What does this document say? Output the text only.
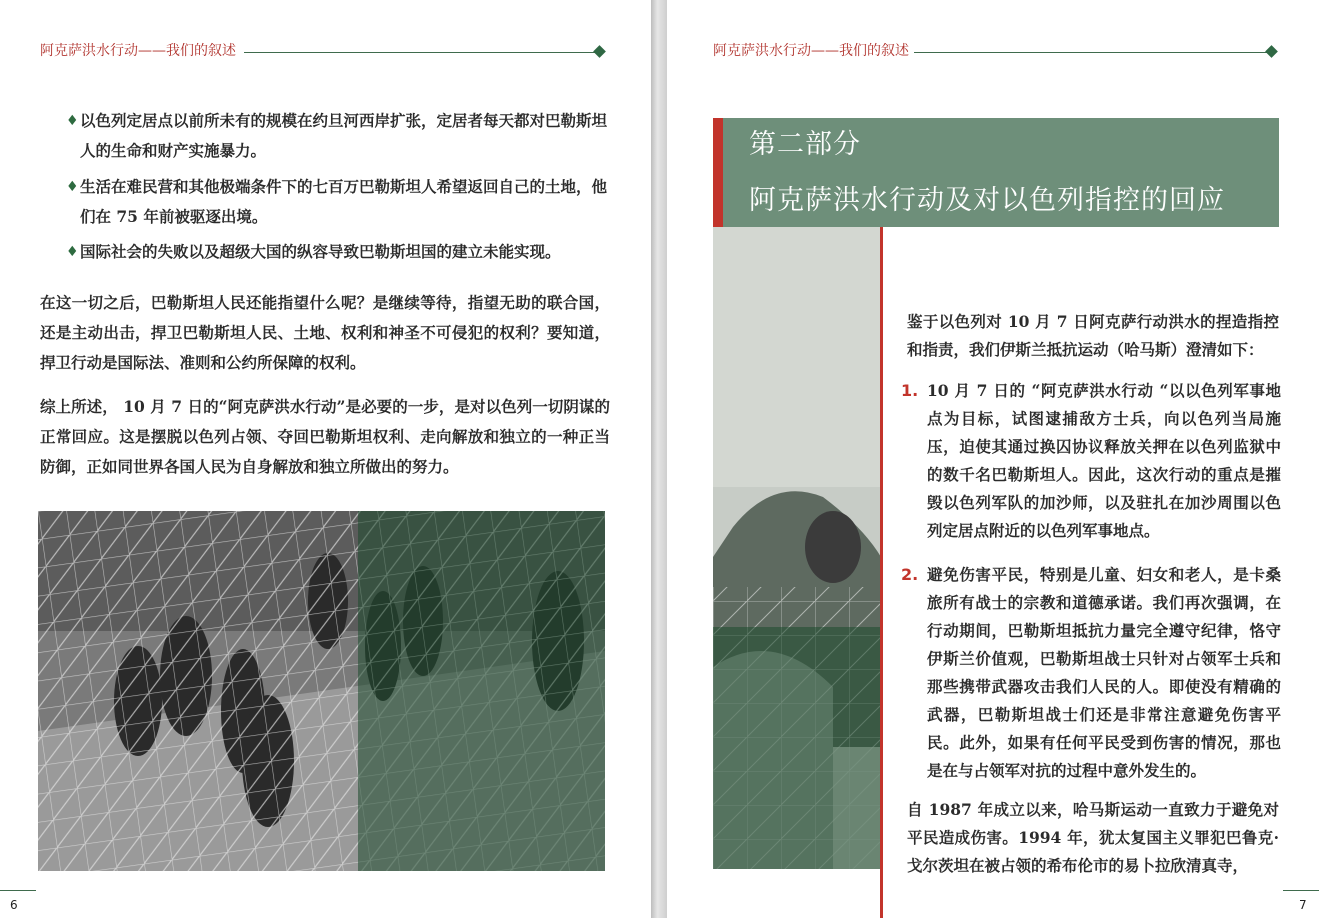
阿克萨洪水行动——我们的叙述
♦ 以色列定居点以前所未有的规模在约旦河西岸扩张，定居者每天都对巴勒斯坦人的生命和财产实施暴力。
♦ 生活在难民营和其他极端条件下的七百万巴勒斯坦人希望返回自己的土地，他们在 75 年前被驱逐出境。
♦ 国际社会的失败以及超级大国的纵容导致巴勒斯坦国的建立未能实现。
在这一切之后，巴勒斯坦人民还能指望什么呢？是继续等待，指望无助的联合国，还是主动出击，捍卫巴勒斯坦人民、土地、权利和神圣不可侵犯的权利？要知道，捍卫行动是国际法、准则和公约所保障的权利。
综上所述， 10 月 7 日的“阿克萨洪水行动”是必要的一步，是对以色列一切阴谋的正常回应。这是摆脱以色列占领、夺回巴勒斯坦权利、走向解放和独立的一种正当防御，正如同世界各国人民为自身解放和独立所做出的努力。
6
阿克萨洪水行动——我们的叙述
第二部分
阿克萨洪水行动及对以色列指控的回应
鉴于以色列对 10 月 7 日阿克萨行动洪水的捏造指控和指责，我们伊斯兰抵抗运动（哈马斯）澄清如下：
1. 10 月 7 日的 “阿克萨洪水行动 “以以色列军事地点为目标，试图逮捕敌方士兵，向以色列当局施压，迫使其通过换囚协议释放关押在以色列监狱中的数千名巴勒斯坦人。因此，这次行动的重点是摧毁以色列军队的加沙师，以及驻扎在加沙周围以色列定居点附近的以色列军事地点。
2. 避免伤害平民，特别是儿童、妇女和老人，是卡桑旅所有战士的宗教和道德承诺。我们再次强调，在行动期间，巴勒斯坦抵抗力量完全遵守纪律，恪守伊斯兰价值观，巴勒斯坦战士只针对占领军士兵和那些携带武器攻击我们人民的人。即使没有精确的武器，巴勒斯坦战士们还是非常注意避免伤害平民。此外，如果有任何平民受到伤害的情况，那也是在与占领军对抗的过程中意外发生的。
自 1987 年成立以来，哈马斯运动一直致力于避免对平民造成伤害。1994 年，犹太复国主义罪犯巴鲁克·戈尔茨坦在被占领的希布伦市的易卜拉欣清真寺，
7
